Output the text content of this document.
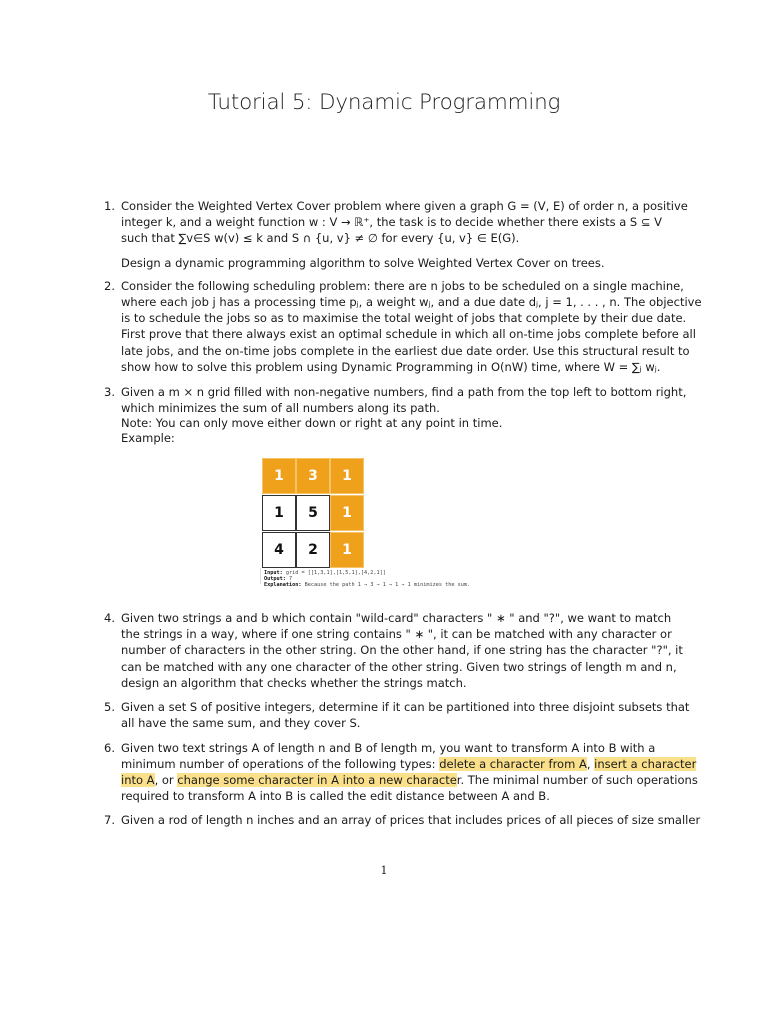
Tutorial 5: Dynamic Programming
1. Consider the Weighted Vertex Cover problem where given a graph G = (V, E) of order n, a positive
integer k, and a weight function w : V → ℝ⁺, the task is to decide whether there exists a S ⊆ V
such that ∑v∈S w(v) ≤ k and S ∩ {u, v} ≠ ∅ for every {u, v} ∈ E(G).
Design a dynamic programming algorithm to solve Weighted Vertex Cover on trees.
2. Consider the following scheduling problem: there are n jobs to be scheduled on a single machine,
where each job j has a processing time pⱼ, a weight wⱼ, and a due date dⱼ, j = 1, . . . , n. The objective
is to schedule the jobs so as to maximise the total weight of jobs that complete by their due date.
First prove that there always exist an optimal schedule in which all on-time jobs complete before all
late jobs, and the on-time jobs complete in the earliest due date order. Use this structural result to
show how to solve this problem using Dynamic Programming in O(nW) time, where W = ∑ⱼ wⱼ.
3. Given a m × n grid filled with non-negative numbers, find a path from the top left to bottom right,
which minimizes the sum of all numbers along its path.
Note: You can only move either down or right at any point in time.
Example:
1	3	1
1	5	1
4	2	1
Input: grid = [[1,3,1],[1,5,1],[4,2,1]]
Output: 7
Explanation: Because the path 1 → 3 → 1 → 1 → 1 minimizes the sum.
4. Given two strings a and b which contain "wild-card" characters " ∗ " and "?", we want to match
the strings in a way, where if one string contains " ∗ ", it can be matched with any character or
number of characters in the other string. On the other hand, if one string has the character "?", it
can be matched with any one character of the other string. Given two strings of length m and n,
design an algorithm that checks whether the strings match.
5. Given a set S of positive integers, determine if it can be partitioned into three disjoint subsets that
all have the same sum, and they cover S.
6. Given two text strings A of length n and B of length m, you want to transform A into B with a
minimum number of operations of the following types: delete a character from A, insert a character
into A, or change some character in A into a new character. The minimal number of such operations
required to transform A into B is called the edit distance between A and B.
7. Given a rod of length n inches and an array of prices that includes prices of all pieces of size smaller
1
